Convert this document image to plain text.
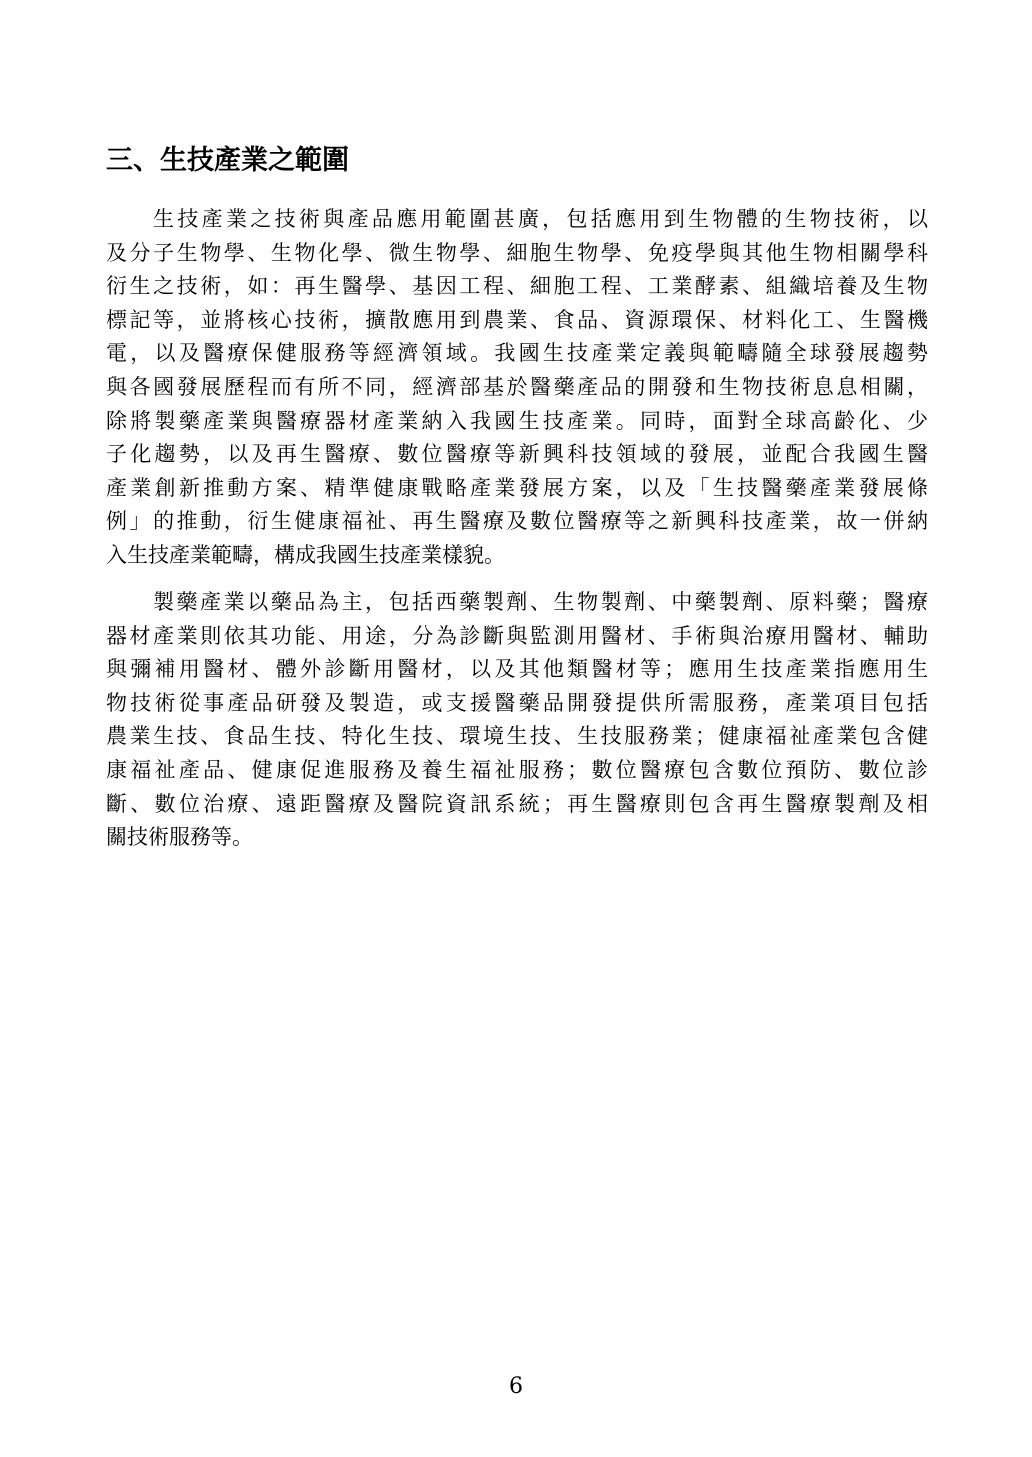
三、生技產業之範圍
生技產業之技術與產品應用範圍甚廣，包括應用到生物體的生物技術，以
及分子生物學、生物化學、微生物學、細胞生物學、免疫學與其他生物相關學科
衍生之技術，如：再生醫學、基因工程、細胞工程、工業酵素、組織培養及生物
標記等，並將核心技術，擴散應用到農業、食品、資源環保、材料化工、生醫機
電，以及醫療保健服務等經濟領域。我國生技產業定義與範疇隨全球發展趨勢
與各國發展歷程而有所不同，經濟部基於醫藥產品的開發和生物技術息息相關，
除將製藥產業與醫療器材產業納入我國生技產業。同時，面對全球高齡化、少
子化趨勢，以及再生醫療、數位醫療等新興科技領域的發展，並配合我國生醫
產業創新推動方案、精準健康戰略產業發展方案，以及「生技醫藥產業發展條
例」的推動，衍生健康福祉、再生醫療及數位醫療等之新興科技產業，故一併納
入生技產業範疇，構成我國生技產業樣貌。
製藥產業以藥品為主，包括西藥製劑、生物製劑、中藥製劑、原料藥；醫療
器材產業則依其功能、用途，分為診斷與監測用醫材、手術與治療用醫材、輔助
與彌補用醫材、體外診斷用醫材，以及其他類醫材等；應用生技產業指應用生
物技術從事產品研發及製造，或支援醫藥品開發提供所需服務，產業項目包括
農業生技、食品生技、特化生技、環境生技、生技服務業；健康福祉產業包含健
康福祉產品、健康促進服務及養生福祉服務；數位醫療包含數位預防、數位診
斷、數位治療、遠距醫療及醫院資訊系統；再生醫療則包含再生醫療製劑及相
關技術服務等。
6
